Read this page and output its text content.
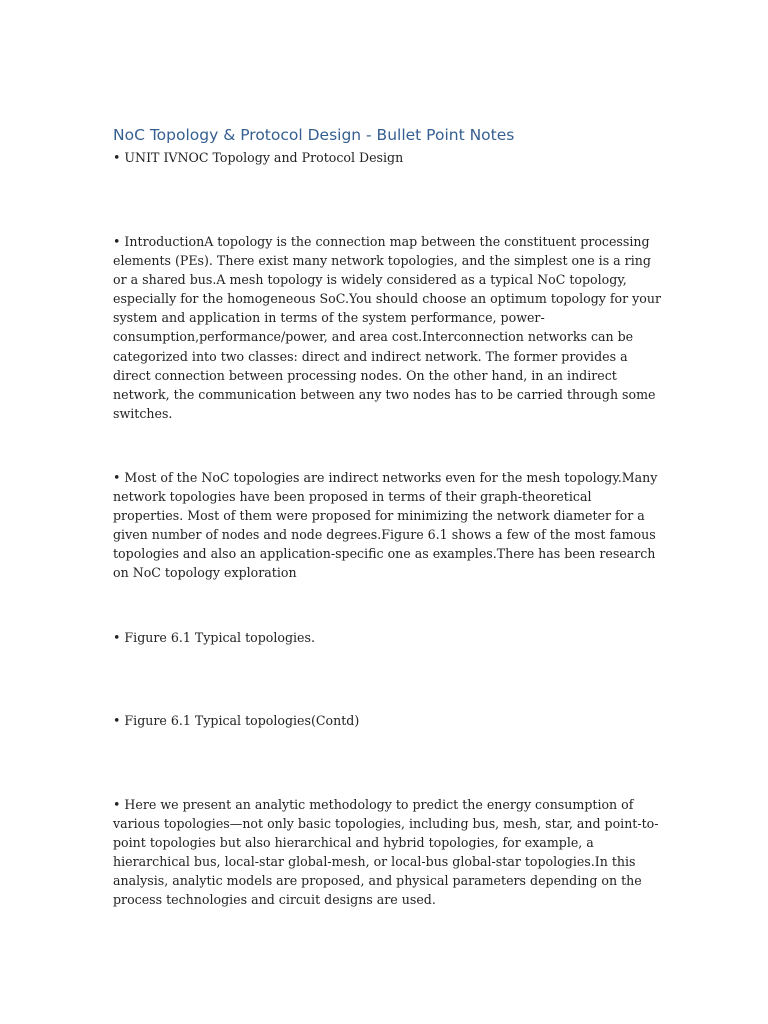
NoC Topology & Protocol Design - Bullet Point Notes

• UNIT IVNOC Topology and Protocol Design

• IntroductionA topology is the connection map between the constituent processing elements (PEs). There exist many network topologies, and the simplest one is a ring or a shared bus.A mesh topology is widely considered as a typical NoC topology, especially for the homogeneous SoC.You should choose an optimum topology for your system and application in terms of the system performance, power-consumption,performance/power, and area cost.Interconnection networks can be categorized into two classes: direct and indirect network. The former provides a direct connection between processing nodes. On the other hand, in an indirect network, the communication between any two nodes has to be carried through some switches.

• Most of the NoC topologies are indirect networks even for the mesh topology.Many network topologies have been proposed in terms of their graph-theoretical properties. Most of them were proposed for minimizing the network diameter for a given number of nodes and node degrees.Figure 6.1 shows a few of the most famous topologies and also an application-specific one as examples.There has been research on NoC topology exploration

• Figure 6.1 Typical topologies.

• Figure 6.1 Typical topologies(Contd)

• Here we present an analytic methodology to predict the energy consumption of various topologies—not only basic topologies, including bus, mesh, star, and point-to-point topologies but also hierarchical and hybrid topologies, for example, a hierarchical bus, local-star global-mesh, or local-bus global-star topologies.In this analysis, analytic models are proposed, and physical parameters depending on the process technologies and circuit designs are used.
